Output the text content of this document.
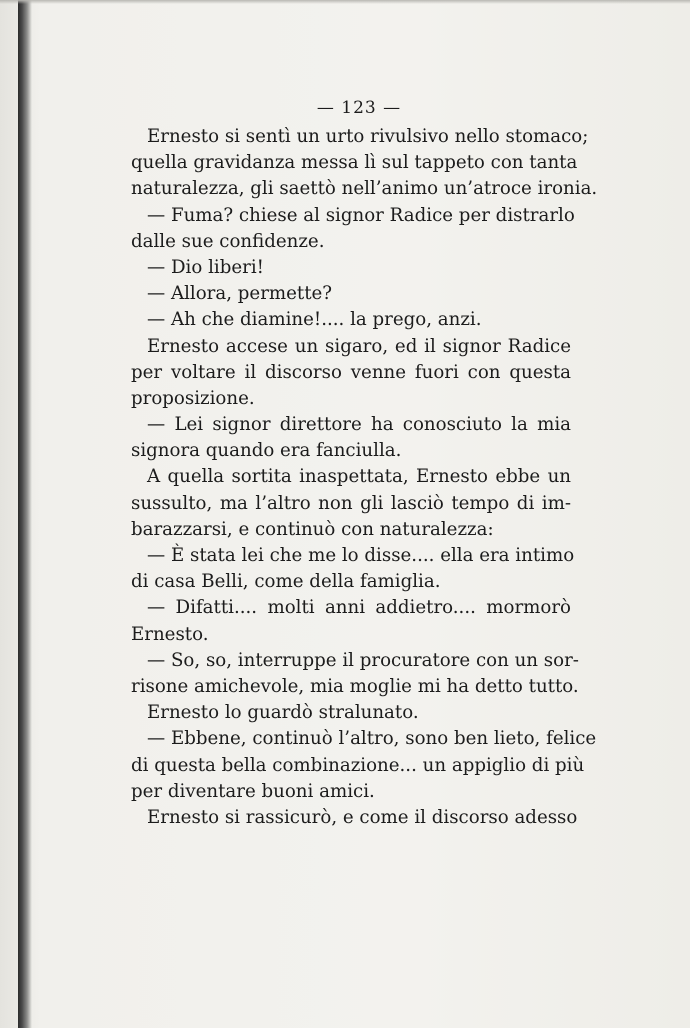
— 123 —
Ernesto si sentì un urto rivulsivo nello stomaco;
quella gravidanza messa lì sul tappeto con tanta
naturalezza, gli saettò nell’animo un’atroce ironia.
— Fuma? chiese al signor Radice per distrarlo
dalle sue confidenze.
— Dio liberi!
— Allora, permette?
— Ah che diamine!.... la prego, anzi.
Ernesto accese un sigaro, ed il signor Radice
per voltare il discorso venne fuori con questa
proposizione.
— Lei signor direttore ha conosciuto la mia
signora quando era fanciulla.
A quella sortita inaspettata, Ernesto ebbe un
sussulto, ma l’altro non gli lasciò tempo di im-
barazzarsi, e continuò con naturalezza:
— È stata lei che me lo disse.... ella era intimo
di casa Belli, come della famiglia.
— Difatti.... molti anni addietro.... mormorò
Ernesto.
— So, so, interruppe il procuratore con un sor-
risone amichevole, mia moglie mi ha detto tutto.
Ernesto lo guardò stralunato.
— Ebbene, continuò l’altro, sono ben lieto, felice
di questa bella combinazione... un appiglio di più
per diventare buoni amici.
Ernesto si rassicurò, e come il discorso adesso
